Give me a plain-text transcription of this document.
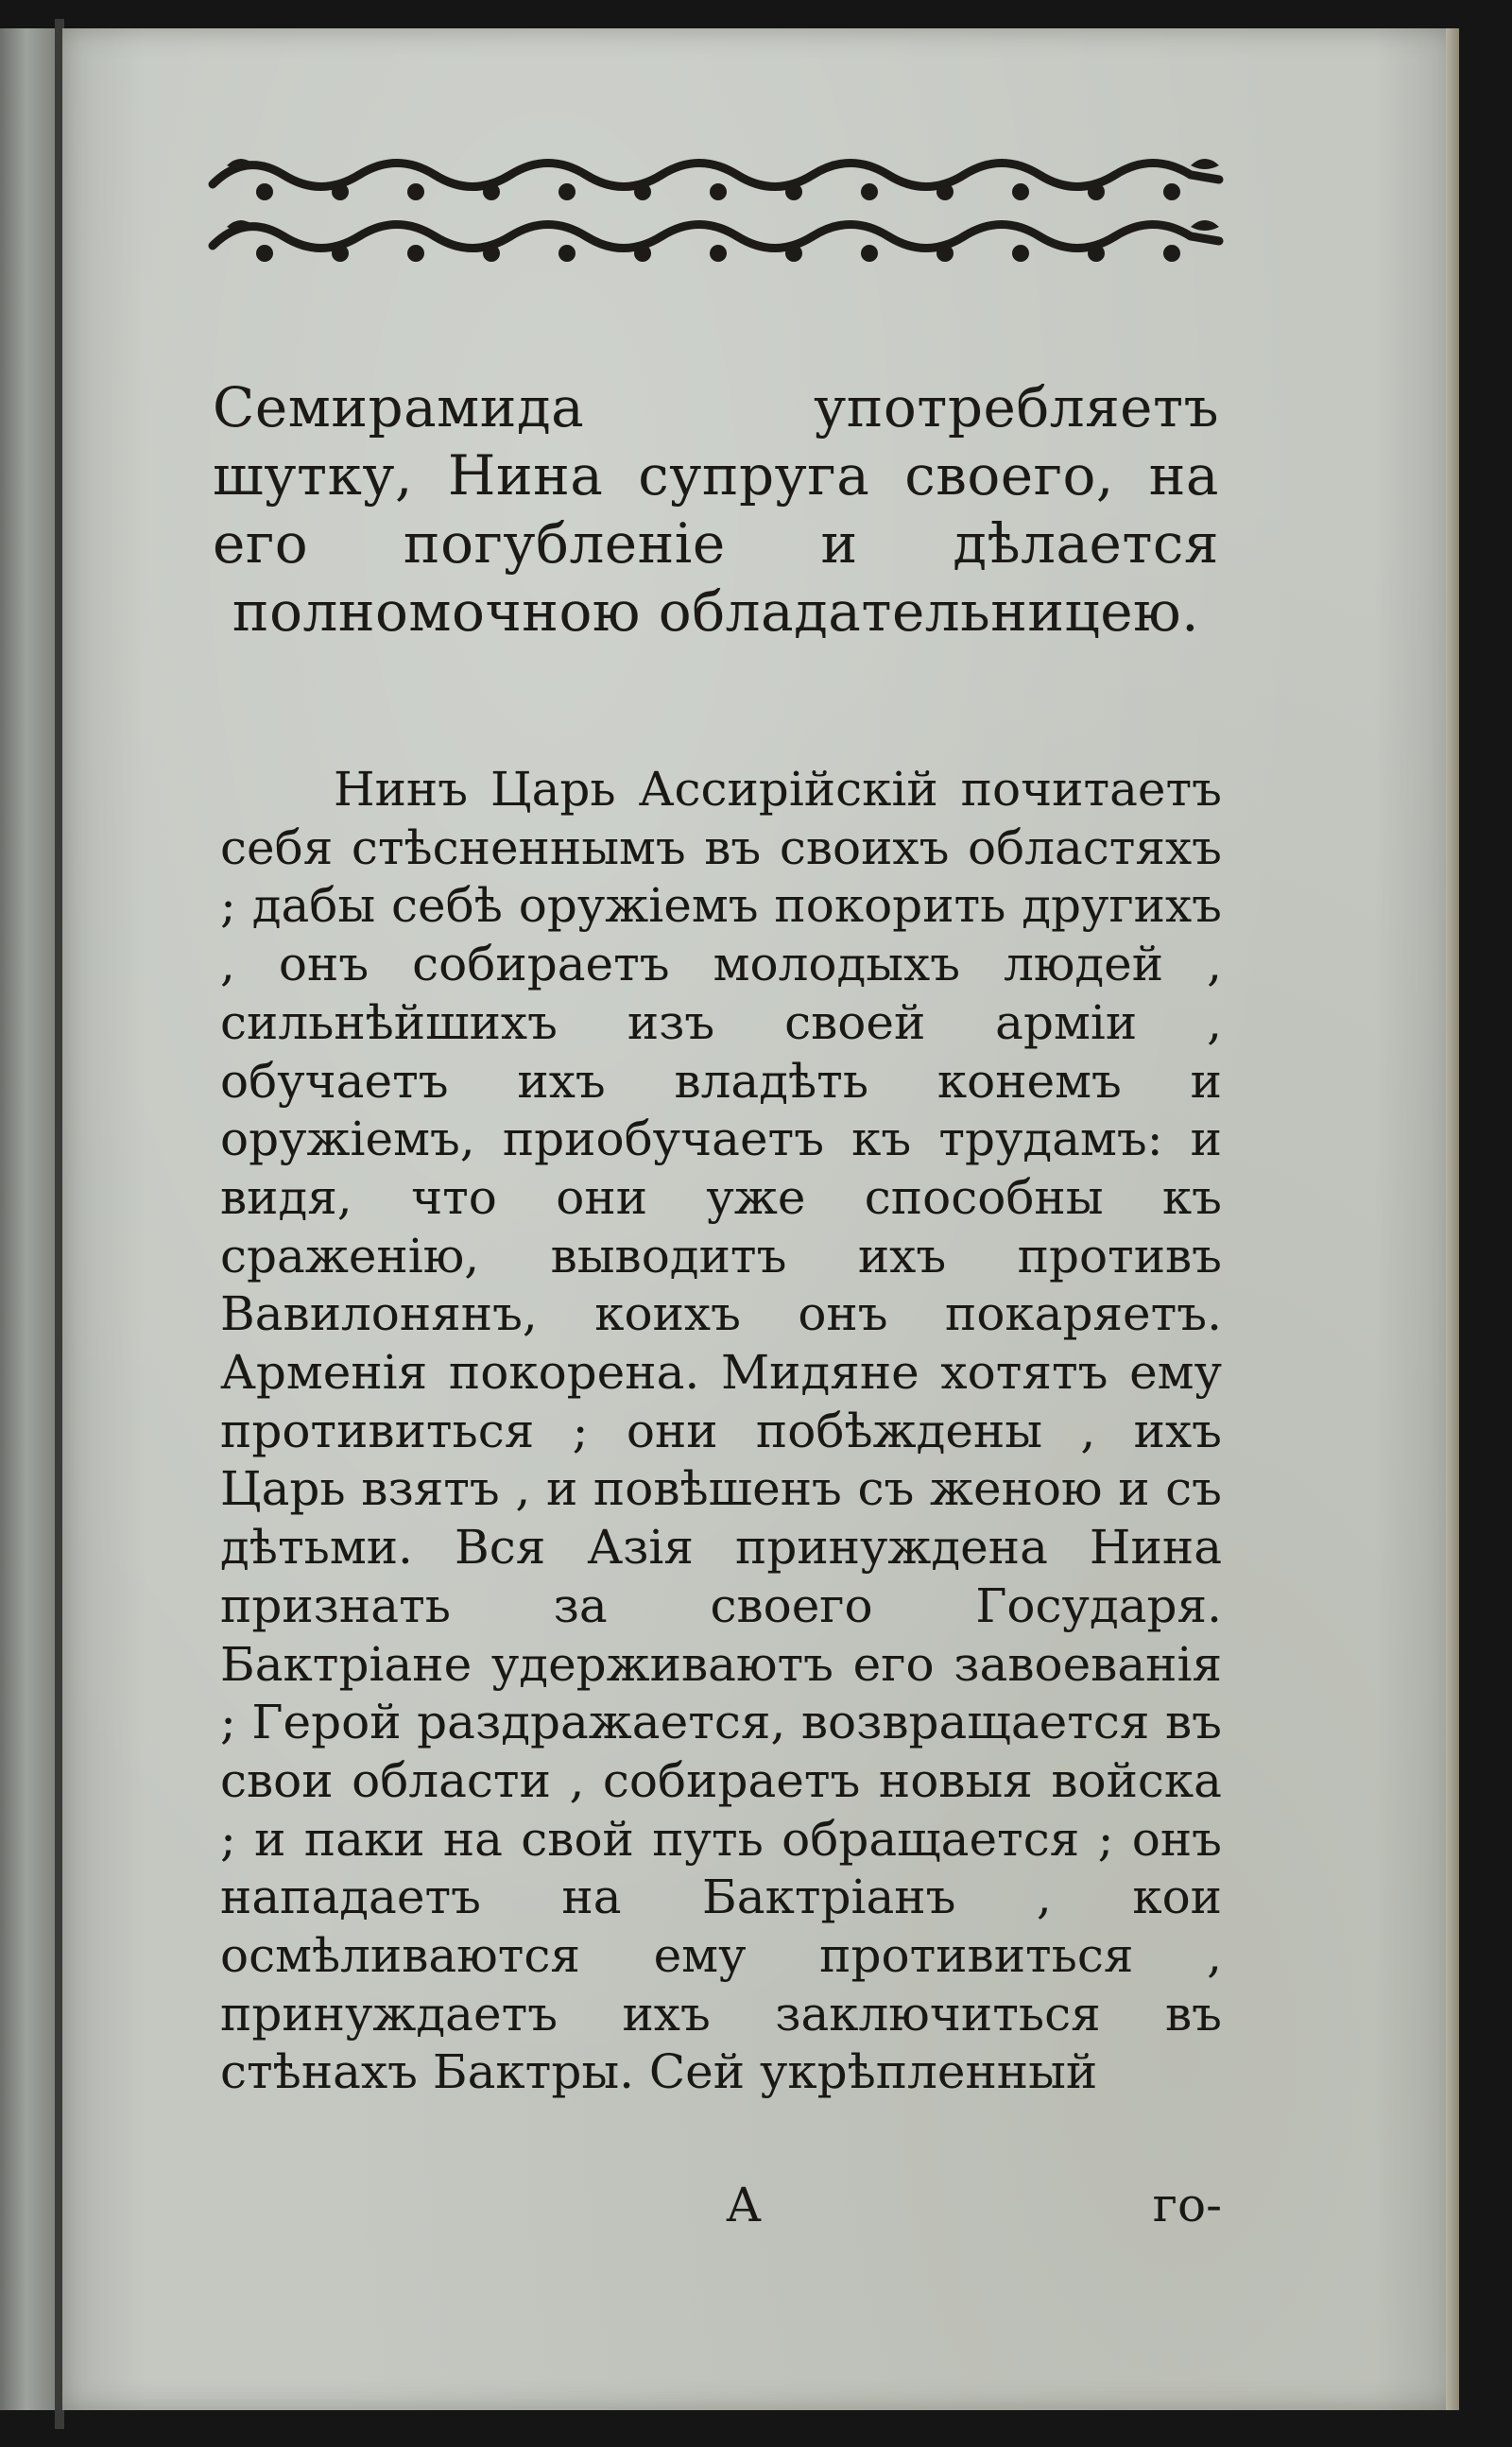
Семирамида употребляетъ шутку, Нина супруга своего, на его погубленіе и дѣлается полномочною обладательницею.

Нинъ Царь Ассирійскій почитаетъ себя стѣсненнымъ въ своихъ областяхъ ; дабы себѣ оружіемъ покорить другихъ , онъ собираетъ молодыхъ людей , сильнѣйшихъ изъ своей арміи , обучаетъ ихъ владѣть конемъ и оружіемъ, приобучаетъ къ трудамъ: и видя, что они уже способны къ сраженію, выводитъ ихъ противъ Вавилонянъ, коихъ онъ покаряетъ. Арменія покорена. Мидяне хотятъ ему противиться ; они побѣждены , ихъ Царь взятъ , и повѣшенъ съ женою и съ дѣтьми. Вся Азія принуждена Нина признать за своего Государя. Бактріане удерживаютъ его завоеванія ; Герой раздражается, возвращается въ свои области , собираетъ новыя войска ; и паки на свой путь обращается ; онъ нападаетъ на Бактріанъ , кои осмѣливаются ему противиться , принуждаетъ ихъ заключиться въ стѣнахъ Бактры. Сей укрѣпленный

А	го-
